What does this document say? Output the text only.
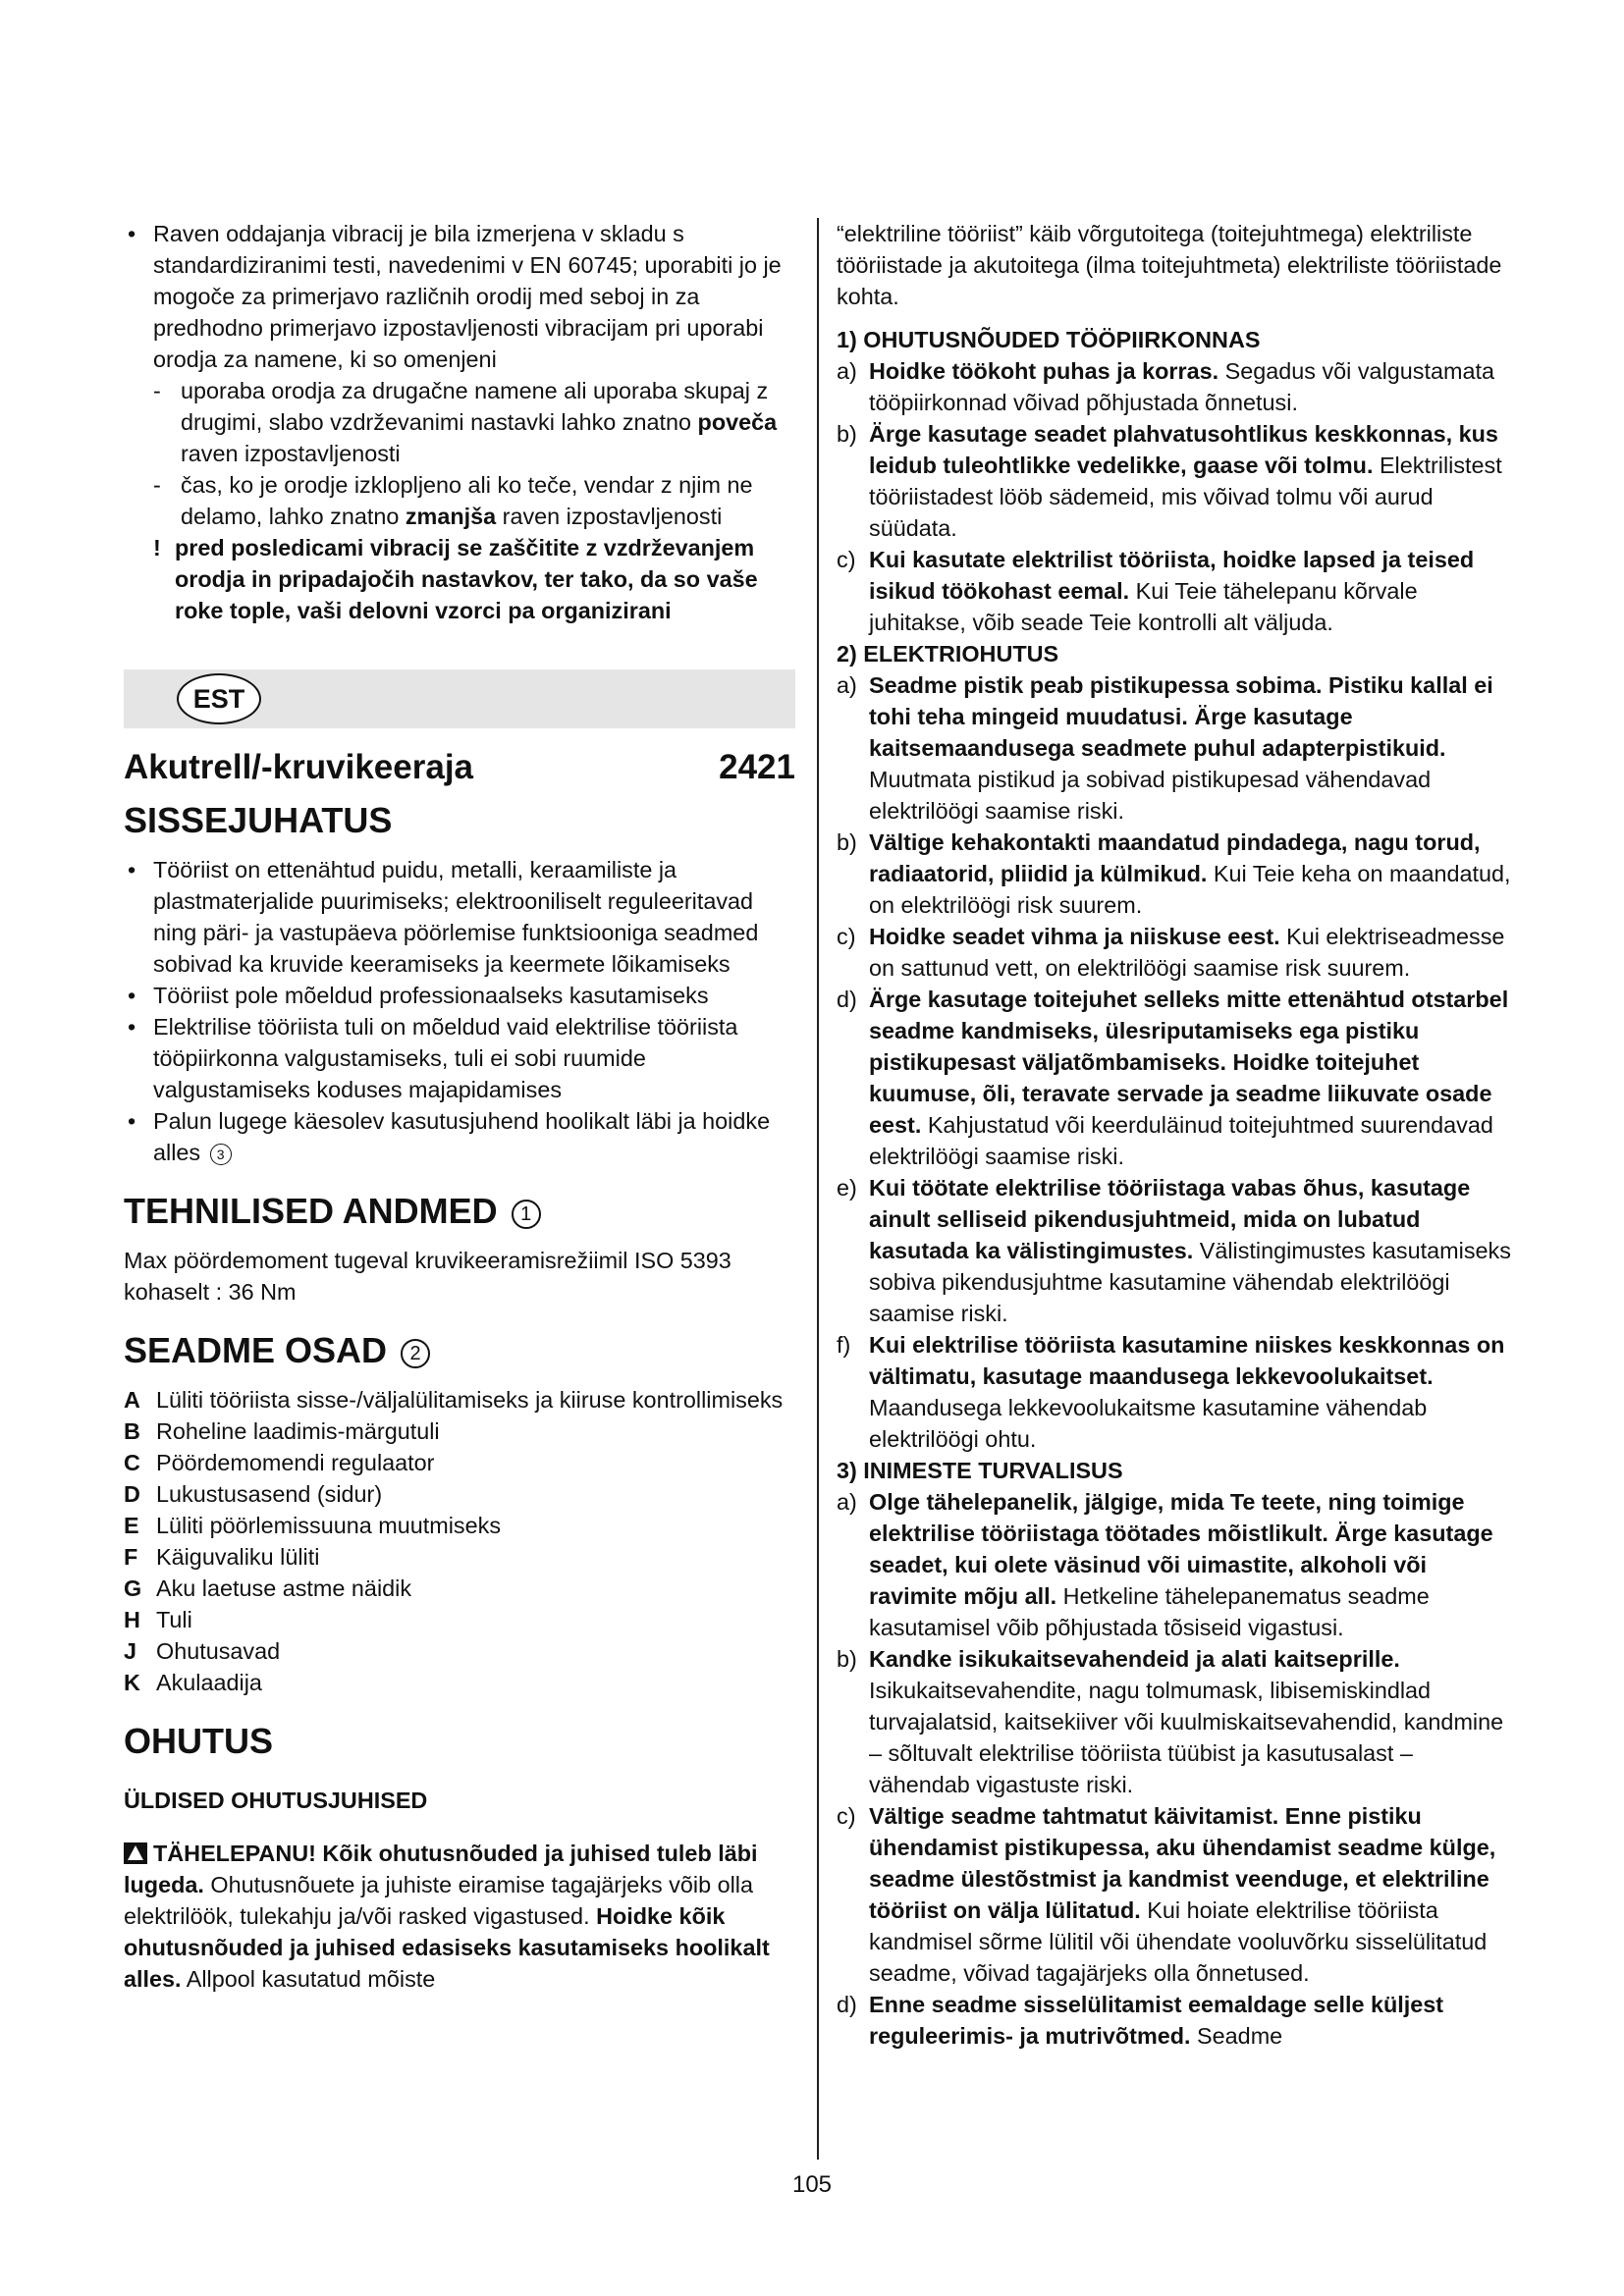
• Raven oddajanja vibracij je bila izmerjena v skladu s standardiziranimi testi, navedenimi v EN 60745; uporabiti jo je mogoče za primerjavo različnih orodij med seboj in za predhodno primerjavo izpostavljenosti vibracijam pri uporabi orodja za namene, ki so omenjeni

- uporaba orodja za drugačne namene ali uporaba skupaj z drugimi, slabo vzdrževanimi nastavki lahko znatno poveča raven izpostavljenosti

- čas, ko je orodje izklopljeno ali ko teče, vendar z njim ne delamo, lahko znatno zmanjša raven izpostavljenosti

! pred posledicami vibracij se zaščitite z vzdrževanjem orodja in pripadajočih nastavkov, ter tako, da so vaše roke tople, vaši delovni vzorci pa organizirani

EST
Akutrell/-kruvikeeraja	2421
SISSEJUHATUS

• Tööriist on ettenähtud puidu, metalli, keraamiliste ja plastmaterjalide puurimiseks; elektrooniliselt reguleeritavad ning päri- ja vastupäeva pöörlemise funktsiooniga seadmed sobivad ka kruvide keeramiseks ja keermete lõikamiseks

• Tööriist pole mõeldud professionaalseks kasutamiseks

• Elektrilise tööriista tuli on mõeldud vaid elektrilise tööriista tööpiirkonna valgustamiseks, tuli ei sobi ruumide valgustamiseks koduses majapidamises

• Palun lugege käesolev kasutusjuhend hoolikalt läbi ja hoidke alles 3

TEHNILISED ANDMED 1

Max pöördemoment tugeval kruvikeeramisrežiimil ISO 5393 kohaselt : 36 Nm

SEADME OSAD 2

A Lüliti tööriista sisse-/väljalülitamiseks ja kiiruse kontrollimiseks

B Roheline laadimis-märgutuli

C Pöördemomendi regulaator

D Lukustusasend (sidur)

E Lüliti pöörlemissuuna muutmiseks

F Käiguvaliku lüliti

G Aku laetuse astme näidik

H Tuli

J Ohutusavad

K Akulaadija

OHUTUS
ÜLDISED OHUTUSJUHISED

TÄHELEPANU! Kõik ohutusnõuded ja juhised tuleb läbi lugeda. Ohutusnõuete ja juhiste eiramise tagajärjeks võib olla elektrilöök, tulekahju ja/või rasked vigastused. Hoidke kõik ohutusnõuded ja juhised edasiseks kasutamiseks hoolikalt alles. Allpool kasutatud mõiste

“elektriline tööriist” käib võrgutoitega (toitejuhtmega) elektriliste tööriistade ja akutoitega (ilma toitejuhtmeta) elektriliste tööriistade kohta.

1) OHUTUSNÕUDED TÖÖPIIRKONNAS

a) Hoidke töökoht puhas ja korras. Segadus või valgustamata tööpiirkonnad võivad põhjustada õnnetusi.

b) Ärge kasutage seadet plahvatusohtlikus keskkonnas, kus leidub tuleohtlikke vedelikke, gaase või tolmu. Elektrilistest tööriistadest lööb sädemeid, mis võivad tolmu või aurud süüdata.

c) Kui kasutate elektrilist tööriista, hoidke lapsed ja teised isikud töökohast eemal. Kui Teie tähelepanu kõrvale juhitakse, võib seade Teie kontrolli alt väljuda.

2) ELEKTRIOHUTUS

a) Seadme pistik peab pistikupessa sobima. Pistiku kallal ei tohi teha mingeid muudatusi. Ärge kasutage kaitsemaandusega seadmete puhul adapterpistikuid. Muutmata pistikud ja sobivad pistikupesad vähendavad elektrilöögi saamise riski.

b) Vältige kehakontakti maandatud pindadega, nagu torud, radiaatorid, pliidid ja külmikud. Kui Teie keha on maandatud, on elektrilöögi risk suurem.

c) Hoidke seadet vihma ja niiskuse eest. Kui elektriseadmesse on sattunud vett, on elektrilöögi saamise risk suurem.

d) Ärge kasutage toitejuhet selleks mitte ettenähtud otstarbel seadme kandmiseks, ülesriputamiseks ega pistiku pistikupesast väljatõmbamiseks. Hoidke toitejuhet kuumuse, õli, teravate servade ja seadme liikuvate osade eest. Kahjustatud või keerduläinud toitejuhtmed suurendavad elektrilöögi saamise riski.

e) Kui töötate elektrilise tööriistaga vabas õhus, kasutage ainult selliseid pikendusjuhtmeid, mida on lubatud kasutada ka välistingimustes. Välistingimustes kasutamiseks sobiva pikendusjuhtme kasutamine vähendab elektrilöögi saamise riski.

f) Kui elektrilise tööriista kasutamine niiskes keskkonnas on vältimatu, kasutage maandusega lekkevoolukaitset. Maandusega lekkevoolukaitsme kasutamine vähendab elektrilöögi ohtu.

3) INIMESTE TURVALISUS

a) Olge tähelepanelik, jälgige, mida Te teete, ning toimige elektrilise tööriistaga töötades mõistlikult. Ärge kasutage seadet, kui olete väsinud või uimastite, alkoholi või ravimite mõju all. Hetkeline tähelepanematus seadme kasutamisel võib põhjustada tõsiseid vigastusi.

b) Kandke isikukaitsevahendeid ja alati kaitseprille. Isikukaitsevahendite, nagu tolmumask, libisemiskindlad turvajalatsid, kaitsekiiver või kuulmiskaitsevahendid, kandmine – sõltuvalt elektrilise tööriista tüübist ja kasutusalast – vähendab vigastuste riski.

c) Vältige seadme tahtmatut käivitamist. Enne pistiku ühendamist pistikupessa, aku ühendamist seadme külge, seadme ülestõstmist ja kandmist veenduge, et elektriline tööriist on välja lülitatud. Kui hoiate elektrilise tööriista kandmisel sõrme lülitil või ühendate vooluvõrku sisselülitatud seadme, võivad tagajärjeks olla õnnetused.

d) Enne seadme sisselülitamist eemaldage selle küljest reguleerimis- ja mutrivõtmed. Seadme

105
